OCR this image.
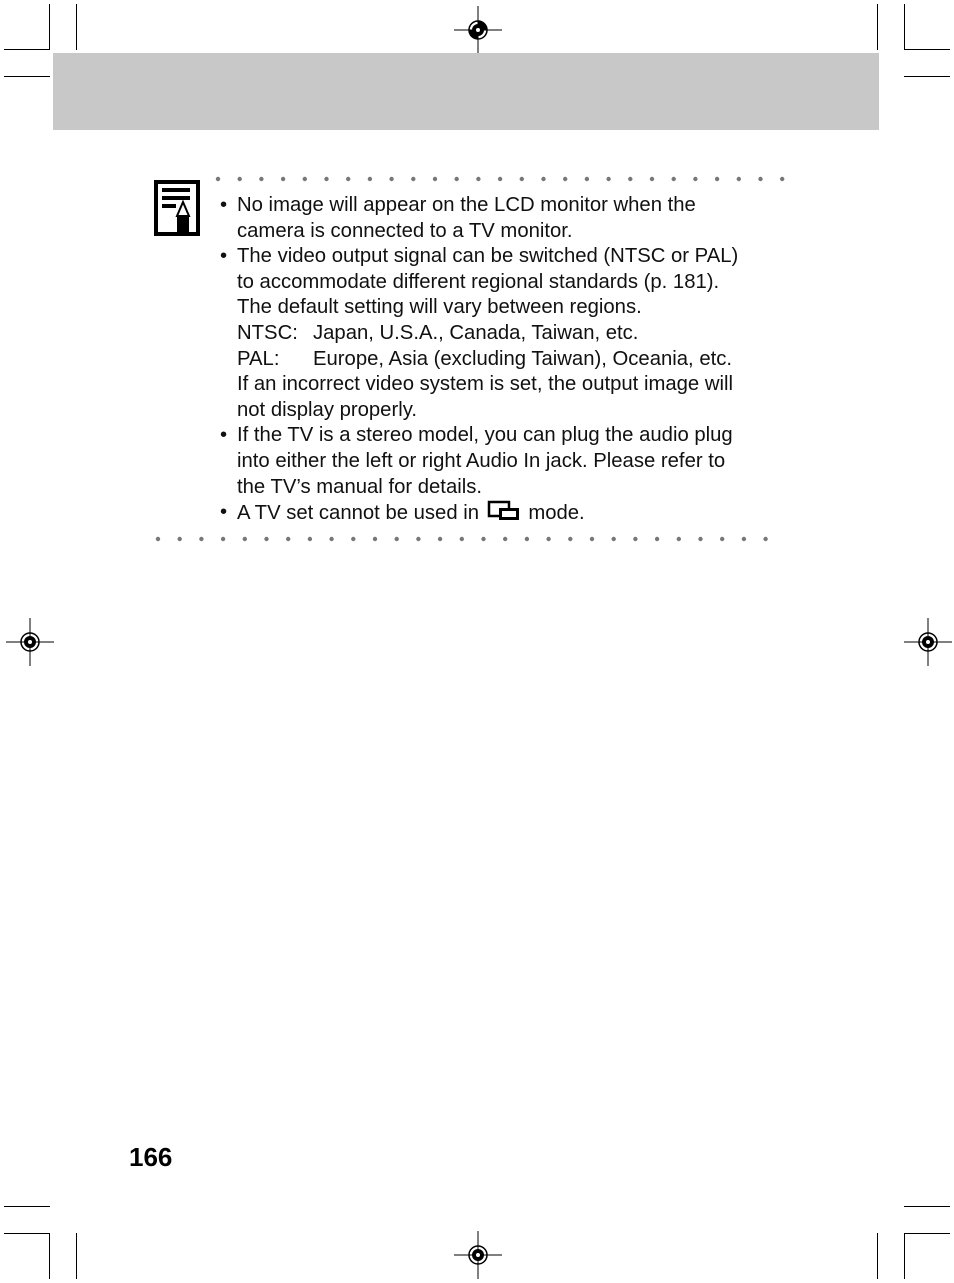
• No image will appear on the LCD monitor when the
camera is connected to a TV monitor.
• The video output signal can be switched (NTSC or PAL)
to accommodate different regional standards (p. 181).
The default setting will vary between regions.
NTSC: Japan, U.S.A., Canada, Taiwan, etc.
PAL: Europe, Asia (excluding Taiwan), Oceania, etc.
If an incorrect video system is set, the output image will
not display properly.
• If the TV is a stereo model, you can plug the audio plug
into either the left or right Audio In jack. Please refer to
the TV’s manual for details.
• A TV set cannot be used in mode.
166
